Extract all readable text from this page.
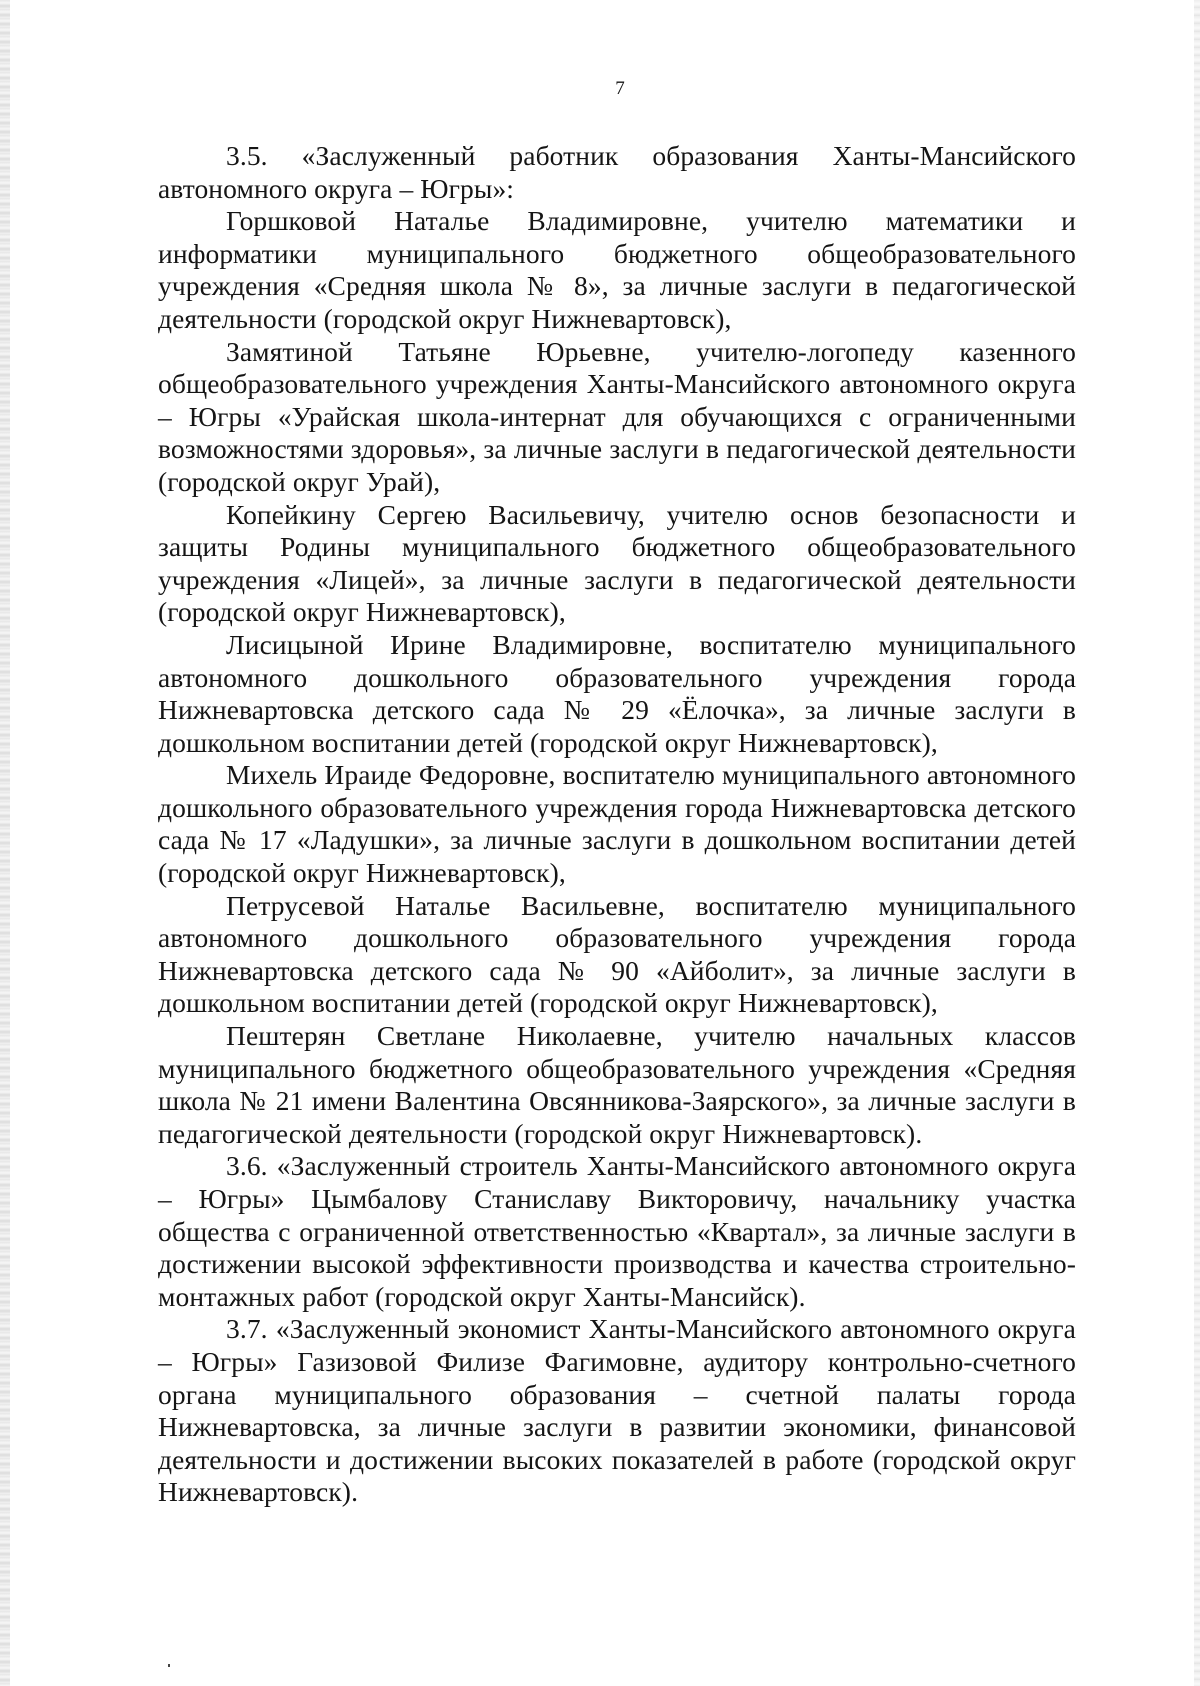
7

3.5. «Заслуженный работник образования Ханты-Мансийского автономного округа – Югры»:

Горшковой Наталье Владимировне, учителю математики и информатики муниципального бюджетного общеобразовательного учреждения «Средняя школа № 8», за личные заслуги в педагогической деятельности (городской округ Нижневартовск),

Замятиной Татьяне Юрьевне, учителю-логопеду казенного общеобразовательного учреждения Ханты-Мансийского автономного округа – Югры «Урайская школа-интернат для обучающихся с ограниченными возможностями здоровья», за личные заслуги в педагогической деятельности (городской округ Урай),

Копейкину Сергею Васильевичу, учителю основ безопасности и защиты Родины муниципального бюджетного общеобразовательного учреждения «Лицей», за личные заслуги в педагогической деятельности (городской округ Нижневартовск),

Лисицыной Ирине Владимировне, воспитателю муниципального автономного дошкольного образовательного учреждения города Нижневартовска детского сада № 29 «Ёлочка», за личные заслуги в дошкольном воспитании детей (городской округ Нижневартовск),

Михель Ираиде Федоровне, воспитателю муниципального автономного дошкольного образовательного учреждения города Нижневартовска детского сада № 17 «Ладушки», за личные заслуги в дошкольном воспитании детей (городской округ Нижневартовск),

Петрусевой Наталье Васильевне, воспитателю муниципального автономного дошкольного образовательного учреждения города Нижневартовска детского сада № 90 «Айболит», за личные заслуги в дошкольном воспитании детей (городской округ Нижневартовск),

Пештерян Светлане Николаевне, учителю начальных классов муниципального бюджетного общеобразовательного учреждения «Средняя школа № 21 имени Валентина Овсянникова-Заярского», за личные заслуги в педагогической деятельности (городской округ Нижневартовск).

3.6. «Заслуженный строитель Ханты-Мансийского автономного округа – Югры» Цымбалову Станиславу Викторовичу, начальнику участка общества с ограниченной ответственностью «Квартал», за личные заслуги в достижении высокой эффективности производства и качества строительно-монтажных работ (городской округ Ханты-Мансийск).

3.7. «Заслуженный экономист Ханты-Мансийского автономного округа – Югры» Газизовой Филизе Фагимовне, аудитору контрольно-счетного органа муниципального образования – счетной палаты города Нижневартовска, за личные заслуги в развитии экономики, финансовой деятельности и достижении высоких показателей в работе (городской округ Нижневартовск).
